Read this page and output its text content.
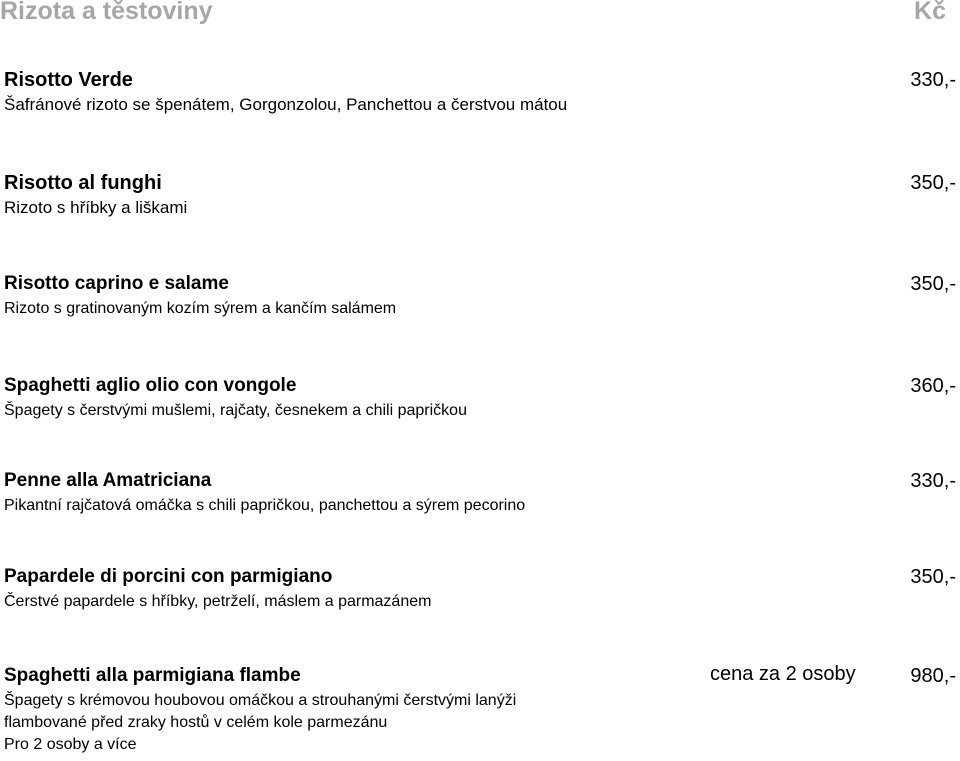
Rizota a těstoviny	Kč
Risotto Verde	330,-
Šafránové rizoto se špenátem, Gorgonzolou, Panchettou a čerstvou mátou
Risotto al funghi	350,-
Rizoto s hříbky a liškami
Risotto caprino e salame	350,-
Rizoto s gratinovaným kozím sýrem a kančím salámem
Spaghetti aglio olio con vongole	360,-
Špagety s čerstvými mušlemi, rajčaty, česnekem a chili papričkou
Penne alla Amatriciana	330,-
Pikantní rajčatová omáčka s chili papričkou, panchettou a sýrem pecorino
Papardele di porcini con parmigiano	350,-
Čerstvé papardele s hříbky, petrželí, máslem a parmazánem
Spaghetti alla parmigiana flambe	cena za 2 osoby	980,-
Špagety s krémovou houbovou omáčkou a strouhanými čerstvými lanýži
flambované před zraky hostů v celém kole parmezánu
Pro 2 osoby a více
